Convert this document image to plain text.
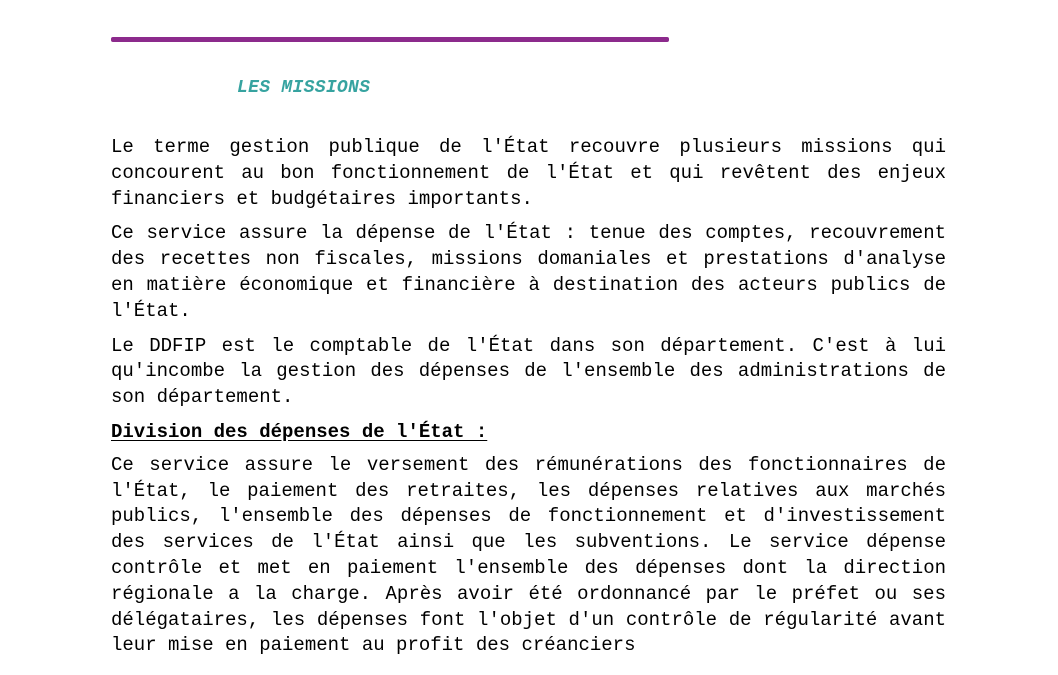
LES MISSIONS

Le terme gestion publique de l'État recouvre plusieurs missions qui concourent au bon fonctionnement de l'État et qui revêtent des enjeux financiers et budgétaires importants.

Ce service assure la dépense de l'État : tenue des comptes, recouvrement des recettes non fiscales, missions domaniales et prestations d'analyse en matière économique et financière à destination des acteurs publics de l'État.

Le DDFIP est le comptable de l'État dans son département. C'est à lui qu'incombe la gestion des dépenses de l'ensemble des administrations de son département.

Division des dépenses de l'État :

Ce service assure le versement des rémunérations des fonctionnaires de l'État, le paiement des retraites, les dépenses relatives aux marchés publics, l'ensemble des dépenses de fonctionnement et d'investissement des services de l'État ainsi que les subventions. Le service dépense contrôle et met en paiement l'ensemble des dépenses dont la direction régionale a la charge. Après avoir été ordonnancé par le préfet ou ses délégataires, les dépenses font l'objet d'un contrôle de régularité avant leur mise en paiement au profit des créanciers
